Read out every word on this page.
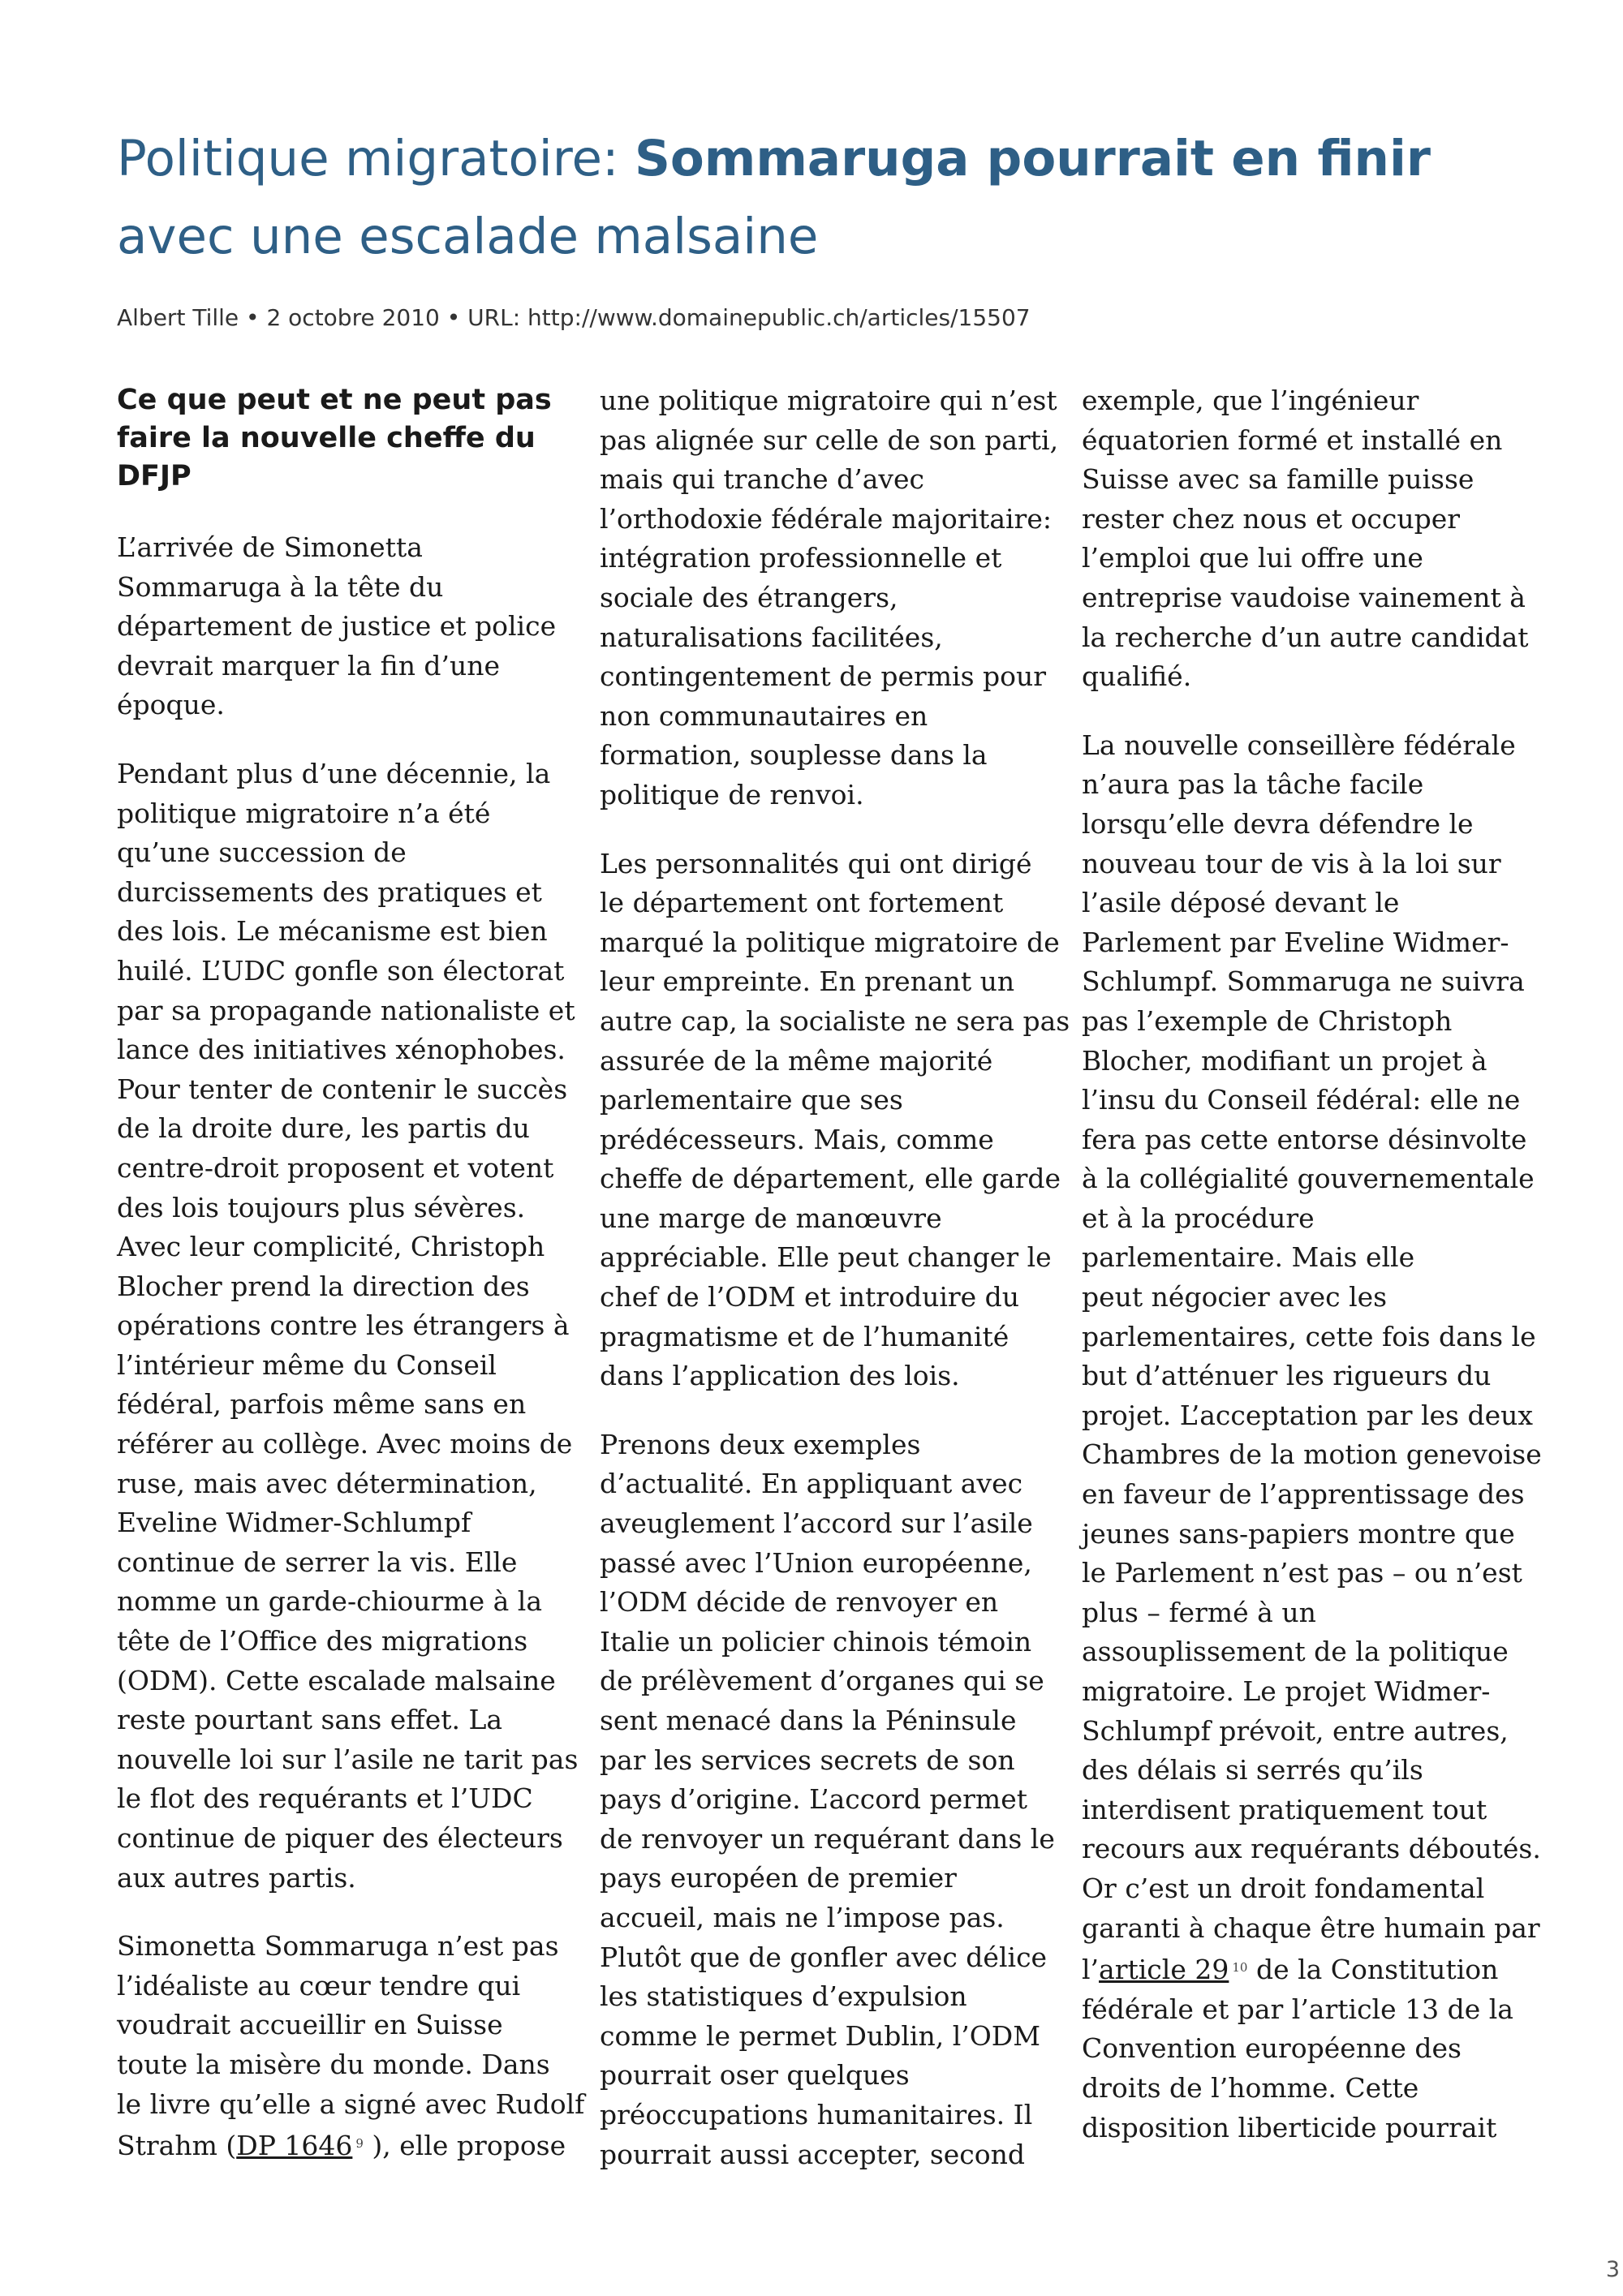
Politique migratoire: Sommaruga pourrait en finir avec une escalade malsaine
Albert Tille • 2 octobre 2010 • URL: http://www.domainepublic.ch/articles/15507

Ce que peut et ne peut pas
faire la nouvelle cheffe du
DFJP

L’arrivée de Simonetta
Sommaruga à la tête du
département de justice et police
devrait marquer la fin d’une
époque.

Pendant plus d’une décennie, la
politique migratoire n’a été
qu’une succession de
durcissements des pratiques et
des lois. Le mécanisme est bien
huilé. L’UDC gonfle son électorat
par sa propagande nationaliste et
lance des initiatives xénophobes.
Pour tenter de contenir le succès
de la droite dure, les partis du
centre-droit proposent et votent
des lois toujours plus sévères.
Avec leur complicité, Christoph
Blocher prend la direction des
opérations contre les étrangers à
l’intérieur même du Conseil
fédéral, parfois même sans en
référer au collège. Avec moins de
ruse, mais avec détermination,
Eveline Widmer-Schlumpf
continue de serrer la vis. Elle
nomme un garde-chiourme à la
tête de l’Office des migrations
(ODM). Cette escalade malsaine
reste pourtant sans effet. La
nouvelle loi sur l’asile ne tarit pas
le flot des requérants et l’UDC
continue de piquer des électeurs
aux autres partis.

Simonetta Sommaruga n’est pas
l’idéaliste au cœur tendre qui
voudrait accueillir en Suisse
toute la misère du monde. Dans
le livre qu’elle a signé avec Rudolf
Strahm (DP 1646 $^9$ ), elle propose

une politique migratoire qui n’est
pas alignée sur celle de son parti,
mais qui tranche d’avec
l’orthodoxie fédérale majoritaire:
intégration professionnelle et
sociale des étrangers,
naturalisations facilitées,
contingentement de permis pour
non communautaires en
formation, souplesse dans la
politique de renvoi.

Les personnalités qui ont dirigé
le département ont fortement
marqué la politique migratoire de
leur empreinte. En prenant un
autre cap, la socialiste ne sera pas
assurée de la même majorité
parlementaire que ses
prédécesseurs. Mais, comme
cheffe de département, elle garde
une marge de manœuvre
appréciable. Elle peut changer le
chef de l’ODM et introduire du
pragmatisme et de l’humanité
dans l’application des lois.

Prenons deux exemples
d’actualité. En appliquant avec
aveuglement l’accord sur l’asile
passé avec l’Union européenne,
l’ODM décide de renvoyer en
Italie un policier chinois témoin
de prélèvement d’organes qui se
sent menacé dans la Péninsule
par les services secrets de son
pays d’origine. L’accord permet
de renvoyer un requérant dans le
pays européen de premier
accueil, mais ne l’impose pas.
Plutôt que de gonfler avec délice
les statistiques d’expulsion
comme le permet Dublin, l’ODM
pourrait oser quelques
préoccupations humanitaires. Il
pourrait aussi accepter, second

exemple, que l’ingénieur
équatorien formé et installé en
Suisse avec sa famille puisse
rester chez nous et occuper
l’emploi que lui offre une
entreprise vaudoise vainement à
la recherche d’un autre candidat
qualifié.

La nouvelle conseillère fédérale
n’aura pas la tâche facile
lorsqu’elle devra défendre le
nouveau tour de vis à la loi sur
l’asile déposé devant le
Parlement par Eveline Widmer-
Schlumpf. Sommaruga ne suivra
pas l’exemple de Christoph
Blocher, modifiant un projet à
l’insu du Conseil fédéral: elle ne
fera pas cette entorse désinvolte
à la collégialité gouvernementale
et à la procédure
parlementaire. Mais elle
peut négocier avec les
parlementaires, cette fois dans le
but d’atténuer les rigueurs du
projet. L’acceptation par les deux
Chambres de la motion genevoise
en faveur de l’apprentissage des
jeunes sans-papiers montre que
le Parlement n’est pas – ou n’est
plus – fermé à un
assouplissement de la politique
migratoire. Le projet Widmer-
Schlumpf prévoit, entre autres,
des délais si serrés qu’ils
interdisent pratiquement tout
recours aux requérants déboutés.
Or c’est un droit fondamental
garanti à chaque être humain par
l’article 29 $^{10}$ de la Constitution
fédérale et par l’article 13 de la
Convention européenne des
droits de l’homme. Cette
disposition liberticide pourrait

3
